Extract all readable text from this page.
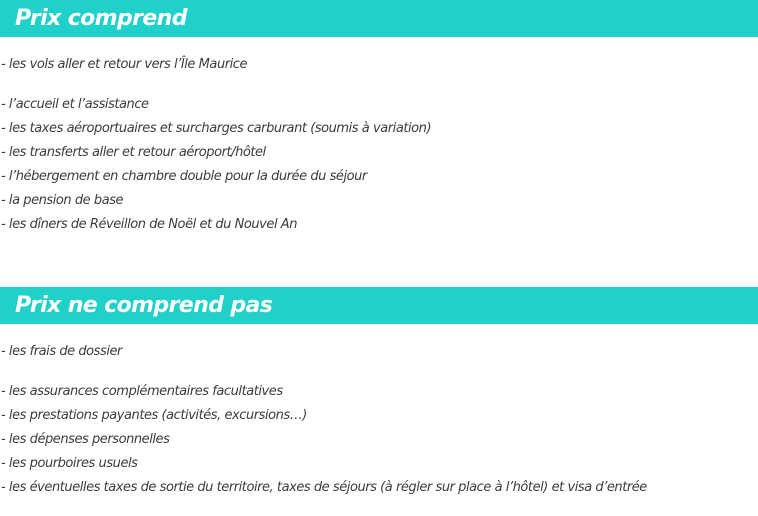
Prix comprend

- les vols aller et retour vers l’Île Maurice

- l’accueil et l’assistance

- les taxes aéroportuaires et surcharges carburant (soumis à variation)

- les transferts aller et retour aéroport/hôtel

- l’hébergement en chambre double pour la durée du séjour

- la pension de base

- les dîners de Réveillon de Noël et du Nouvel An

Prix ne comprend pas

- les frais de dossier

- les assurances complémentaires facultatives

- les prestations payantes (activités, excursions…)

- les dépenses personnelles

- les pourboires usuels

- les éventuelles taxes de sortie du territoire, taxes de séjours (à régler sur place à l’hôtel) et visa d’entrée
